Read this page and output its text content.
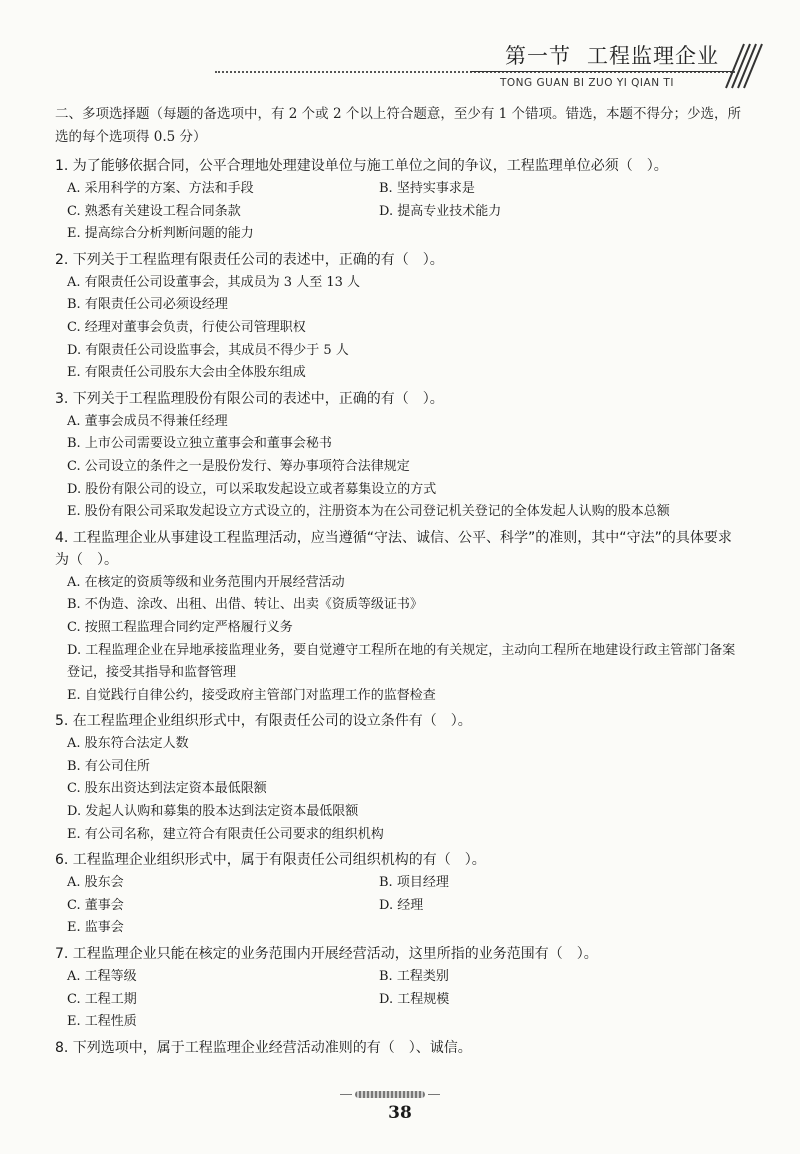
第一节 工程监理企业
TONG GUAN BI ZUO YI QIAN TI
二、多项选择题（每题的备选项中，有 2 个或 2 个以上符合题意，至少有 1 个错项。错选，本题不得分；少选，所选的每个选项得 0.5 分）
1. 为了能够依据合同，公平合理地处理建设单位与施工单位之间的争议，工程监理单位必须（　）。
A. 采用科学的方案、方法和手段	B. 坚持实事求是
C. 熟悉有关建设工程合同条款	D. 提高专业技术能力
E. 提高综合分析判断问题的能力
2. 下列关于工程监理有限责任公司的表述中，正确的有（　）。
A. 有限责任公司设董事会，其成员为 3 人至 13 人
B. 有限责任公司必须设经理
C. 经理对董事会负责，行使公司管理职权
D. 有限责任公司设监事会，其成员不得少于 5 人
E. 有限责任公司股东大会由全体股东组成
3. 下列关于工程监理股份有限公司的表述中，正确的有（　）。
A. 董事会成员不得兼任经理
B. 上市公司需要设立独立董事会和董事会秘书
C. 公司设立的条件之一是股份发行、筹办事项符合法律规定
D. 股份有限公司的设立，可以采取发起设立或者募集设立的方式
E. 股份有限公司采取发起设立方式设立的，注册资本为在公司登记机关登记的全体发起人认购的股本总额
4. 工程监理企业从事建设工程监理活动，应当遵循“守法、诚信、公平、科学”的准则，其中“守法”的具体要求为（　）。
A. 在核定的资质等级和业务范围内开展经营活动
B. 不伪造、涂改、出租、出借、转让、出卖《资质等级证书》
C. 按照工程监理合同约定严格履行义务
D. 工程监理企业在异地承接监理业务，要自觉遵守工程所在地的有关规定，主动向工程所在地建设行政主管部门备案登记，接受其指导和监督管理
E. 自觉践行自律公约，接受政府主管部门对监理工作的监督检查
5. 在工程监理企业组织形式中，有限责任公司的设立条件有（　）。
A. 股东符合法定人数
B. 有公司住所
C. 股东出资达到法定资本最低限额
D. 发起人认购和募集的股本达到法定资本最低限额
E. 有公司名称，建立符合有限责任公司要求的组织机构
6. 工程监理企业组织形式中，属于有限责任公司组织机构的有（　）。
A. 股东会	B. 项目经理
C. 董事会	D. 经理
E. 监事会
7. 工程监理企业只能在核定的业务范围内开展经营活动，这里所指的业务范围有（　）。
A. 工程等级	B. 工程类别
C. 工程工期	D. 工程规模
E. 工程性质
8. 下列选项中，属于工程监理企业经营活动准则的有（　）、诚信。
38
